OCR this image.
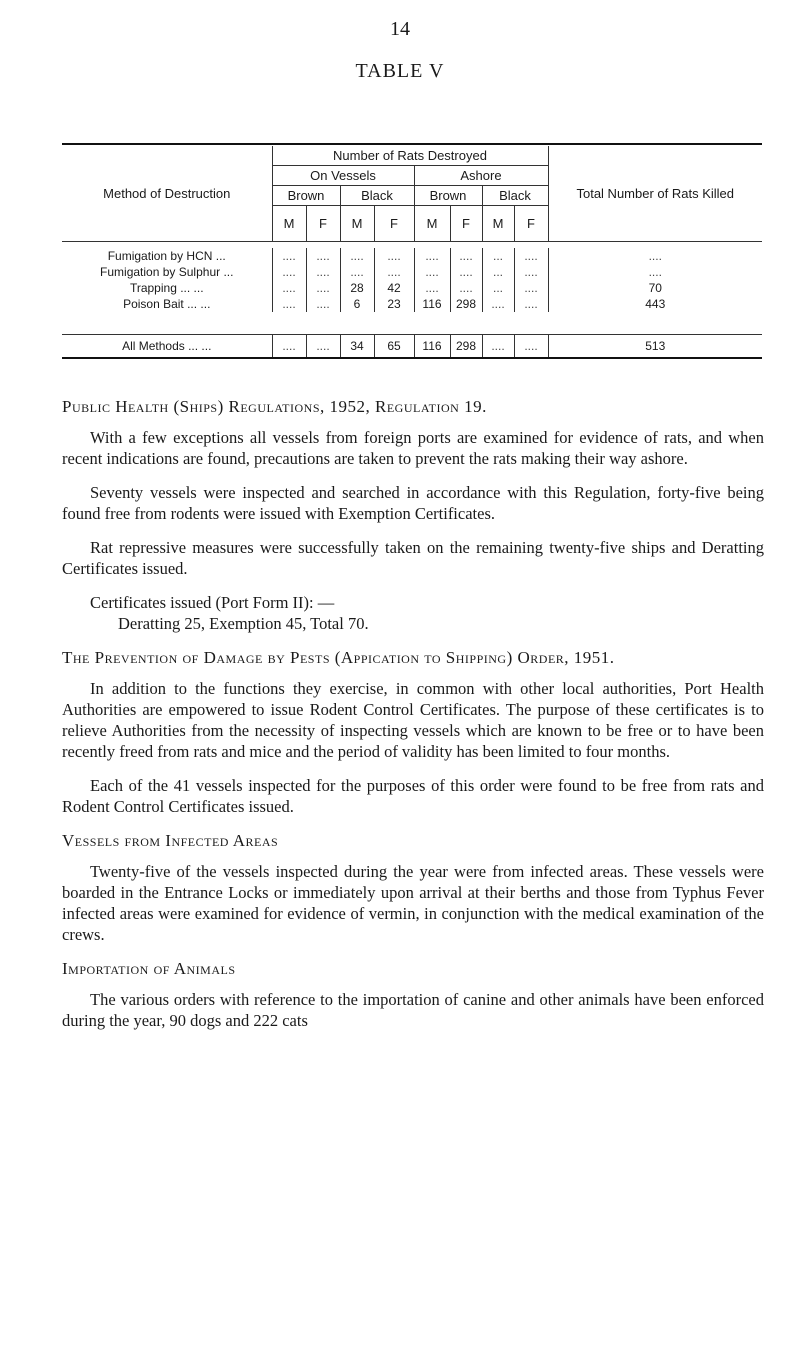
14
TABLE V
Method of Destruction	Number of Rats Destroyed								Total Number of Rats Killed
	On Vessels				Ashore				
	Brown		Black		Brown		Black		
	M	F	M	F	M	F	M	F	

Fumigation by HCN ...	....	....	....	....	....	....	...	....	....
Fumigation by Sulphur ...	....	....	....	....	....	....	...	....	....
Trapping ... ...	....	....	28	42	....	....	...	....	70
Poison Bait ... ...	....	....	6	23	116	298	....	....	443

All Methods ... ...	....	....	34	65	116	298	....	....	513
Public Health (Ships) Regulations, 1952, Regulation 19.

With a few exceptions all vessels from foreign ports are examined for evidence of rats, and when recent indications are found, precautions are taken to prevent the rats making their way ashore.

Seventy vessels were inspected and searched in accordance with this Regulation, forty-five being found free from rodents were issued with Exemption Certificates.

Rat repressive measures were successfully taken on the remaining twenty-five ships and Deratting Certificates issued.

Certificates issued (Port Form II): —

Deratting 25, Exemption 45, Total 70.

The Prevention of Damage by Pests (Appication to Shipping) Order, 1951.

In addition to the functions they exercise, in common with other local authorities, Port Health Authorities are empowered to issue Rodent Control Certificates. The purpose of these certificates is to relieve Authorities from the necessity of inspecting vessels which are known to be free or to have been recently freed from rats and mice and the period of validity has been limited to four months.

Each of the 41 vessels inspected for the purposes of this order were found to be free from rats and Rodent Control Certificates issued.

Vessels from Infected Areas

Twenty-five of the vessels inspected during the year were from infected areas. These vessels were boarded in the Entrance Locks or immediately upon arrival at their berths and those from Typhus Fever infected areas were examined for evidence of vermin, in conjunction with the medical examination of the crews.

Importation of Animals

The various orders with reference to the importation of canine and other animals have been enforced during the year, 90 dogs and 222 cats
